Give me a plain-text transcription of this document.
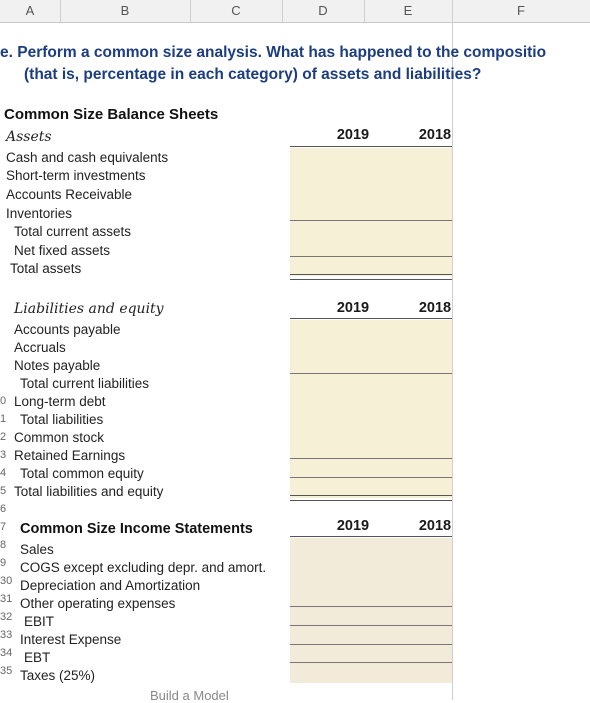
A	B	C	D	E	F
e. Perform a common size analysis. What has happened to the compositio
(that is, percentage in each category) of assets and liabilities?
Common Size Balance Sheets
Assets	2019	2018
Cash and cash equivalents
Short-term investments
Accounts Receivable
Inventories
Total current assets
Net fixed assets
Total assets
Liabilities and equity	2019	2018
Accounts payable
Accruals
Notes payable
Total current liabilities
Long-term debt
Total liabilities
Common stock
Retained Earnings
Total common equity
Total liabilities and equity
0
1
2
3
4
5
6
7
8
9
30
31
32
33
34
35
Common Size Income Statements	2019	2018
Sales
COGS except excluding depr. and amort.
Depreciation and Amortization
Other operating expenses
EBIT
Interest Expense
EBT
Taxes (25%)
Build a Model
